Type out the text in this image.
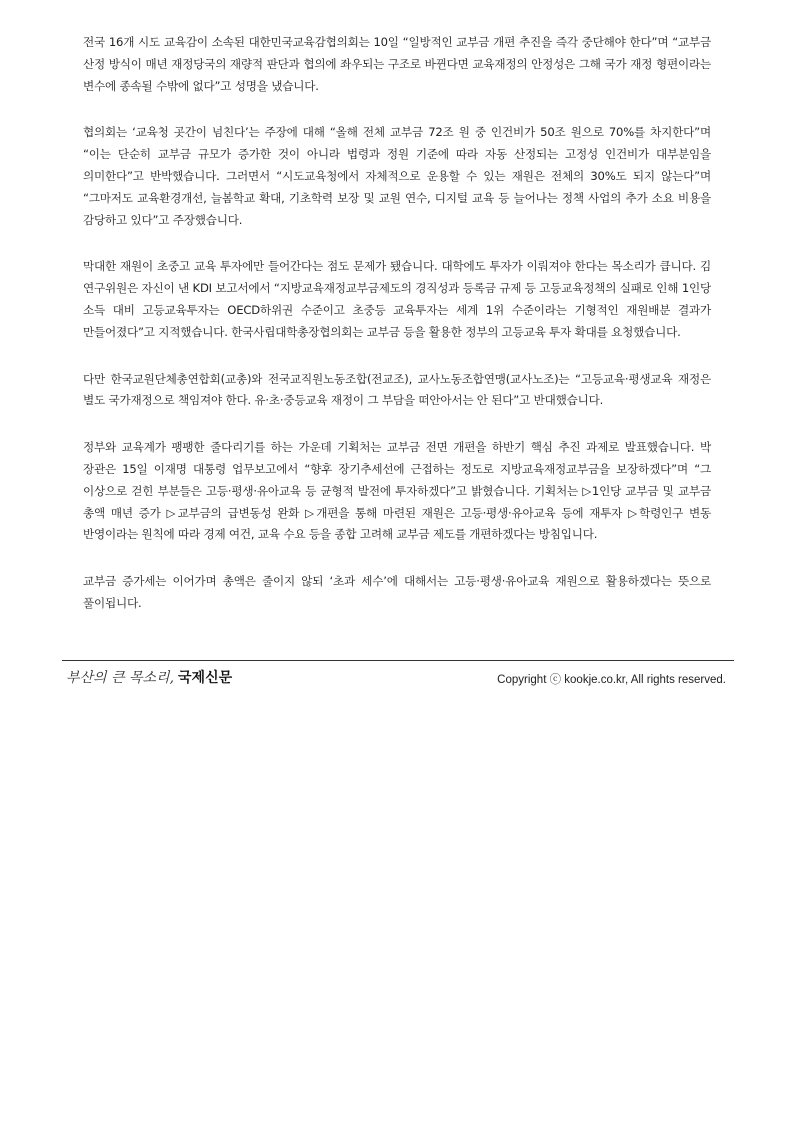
전국 16개 시도 교육감이 소속된 대한민국교육감협의회는 10일 “일방적인 교부금 개편 추진을 즉각 중단해야 한다”며 “교부금 산정 방식이 매년 재정당국의 재량적 판단과 협의에 좌우되는 구조로 바뀐다면 교육재정의 안정성은 그해 국가 재정 형편이라는 변수에 종속될 수밖에 없다”고 성명을 냈습니다.

협의회는 ‘교육청 곳간이 넘친다’는 주장에 대해 “올해 전체 교부금 72조 원 중 인건비가 50조 원으로 70%를 차지한다”며 “이는 단순히 교부금 규모가 증가한 것이 아니라 법령과 정원 기준에 따라 자동 산정되는 고정성 인건비가 대부분임을 의미한다”고 반박했습니다. 그러면서 “시도교육청에서 자체적으로 운용할 수 있는 재원은 전체의 30%도 되지 않는다”며 “그마저도 교육환경개선, 늘봄학교 확대, 기초학력 보장 및 교원 연수, 디지털 교육 등 늘어나는 정책 사업의 추가 소요 비용을 감당하고 있다”고 주장했습니다.

막대한 재원이 초중고 교육 투자에만 들어간다는 점도 문제가 됐습니다. 대학에도 투자가 이뤄져야 한다는 목소리가 큽니다. 김 연구위원은 자신이 낸 KDI 보고서에서 “지방교육재정교부금제도의 경직성과 등록금 규제 등 고등교육정책의 실패로 인해 1인당 소득 대비 고등교육투자는 OECD하위권 수준이고 초중등 교육투자는 세계 1위 수준이라는 기형적인 재원배분 결과가 만들어졌다”고 지적했습니다. 한국사립대학총장협의회는 교부금 등을 활용한 정부의 고등교육 투자 확대를 요청했습니다.

다만 한국교원단체총연합회(교총)와 전국교직원노동조합(전교조), 교사노동조합연맹(교사노조)는 “고등교육·평생교육 재정은 별도 국가재정으로 책임져야 한다. 유·초·중등교육 재정이 그 부담을 떠안아서는 안 된다”고 반대했습니다.

정부와 교육계가 팽팽한 줄다리기를 하는 가운데 기획처는 교부금 전면 개편을 하반기 핵심 추진 과제로 발표했습니다. 박 장관은 15일 이재명 대통령 업무보고에서 “향후 장기추세선에 근접하는 정도로 지방교육재정교부금을 보장하겠다”며 “그 이상으로 걷힌 부분들은 고등·평생·유아교육 등 균형적 발전에 투자하겠다”고 밝혔습니다. 기획처는 ▷1인당 교부금 및 교부금 총액 매년 증가 ▷교부금의 급변동성 완화 ▷개편을 통해 마련된 재원은 고등·평생·유아교육 등에 재투자 ▷학령인구 변동 반영이라는 원칙에 따라 경제 여건, 교육 수요 등을 종합 고려해 교부금 제도를 개편하겠다는 방침입니다.

교부금 증가세는 이어가며 총액은 줄이지 않되 ‘초과 세수’에 대해서는 고등·평생·유아교육 재원으로 활용하겠다는 뜻으로 풀이됩니다.

부산의 큰 목소리, 국제신문	Copyright ⓒ kookje.co.kr, All rights reserved.
